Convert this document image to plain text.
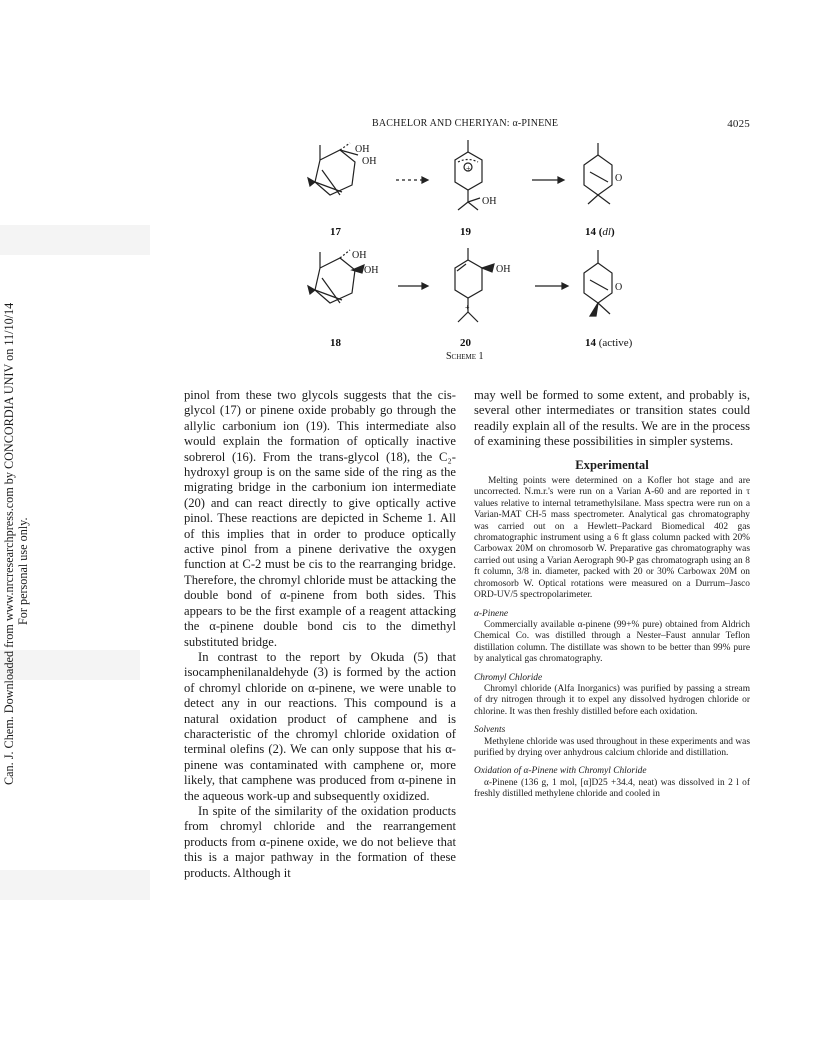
BACHELOR AND CHERIYAN: α-PINENE	4025
Can. J. Chem. Downloaded from www.nrcresearchpress.com by CONCORDIA UNIV on 11/10/14 For personal use only.
OH
OH
+
OH
O
OH
OH	OH
+
O
17	19	14 (dl)
18	20	14 (active)
Scheme 1

pinol from these two glycols suggests that the cis-glycol (17) or pinene oxide probably go through the allylic carbonium ion (19). This intermediate also would explain the formation of optically inactive sobrerol (16). From the trans-glycol (18), the C₂-hydroxyl group is on the same side of the ring as the migrating bridge in the carbonium ion intermediate (20) and can react directly to give optically active pinol. These reactions are depicted in Scheme 1. All of this implies that in order to produce optically active pinol from a pinene derivative the oxygen function at C-2 must be cis to the rearranging bridge. Therefore, the chromyl chloride must be attacking the double bond of α-pinene from both sides. This appears to be the first example of a reagent attacking the α-pinene double bond cis to the dimethyl substituted bridge.

In contrast to the report by Okuda (5) that isocamphenilanaldehyde (3) is formed by the action of chromyl chloride on α-pinene, we were unable to detect any in our reactions. This compound is a natural oxidation product of camphene and is characteristic of the chromyl chloride oxidation of terminal olefins (2). We can only suppose that his α-pinene was contaminated with camphene or, more likely, that camphene was produced from α-pinene in the aqueous work-up and subsequently oxidized.

In spite of the similarity of the oxidation products from chromyl chloride and the rearrangement products from α-pinene oxide, we do not believe that this is a major pathway in the formation of these products. Although it

may well be formed to some extent, and probably is, several other intermediates or transition states could readily explain all of the results. We are in the process of examining these possibilities in simpler systems.

Experimental

Melting points were determined on a Kofler hot stage and are uncorrected. N.m.r.'s were run on a Varian A-60 and are reported in τ values relative to internal tetramethylsilane. Mass spectra were run on a Varian-MAT CH-5 mass spectrometer. Analytical gas chromatography was carried out on a Hewlett–Packard Biomedical 402 gas chromatographic instrument using a 6 ft glass column packed with 20% Carbowax 20M on chromosorb W. Preparative gas chromatography was carried out using a Varian Aerograph 90-P gas chromatograph using an 8 ft column, 3/8 in. diameter, packed with 20 or 30% Carbowax 20M on chromosorb W. Optical rotations were measured on a Durrum–Jasco ORD-UV/5 spectropolarimeter.

α-Pinene

Commercially available α-pinene (99+% pure) obtained from Aldrich Chemical Co. was distilled through a Nester–Faust annular Teflon distillation column. The distillate was shown to be better than 99% pure by analytical gas chromatography.

Chromyl Chloride

Chromyl chloride (Alfa Inorganics) was purified by passing a stream of dry nitrogen through it to expel any dissolved hydrogen chloride or chlorine. It was then freshly distilled before each oxidation.

Solvents

Methylene chloride was used throughout in these experiments and was purified by drying over anhydrous calcium chloride and distillation.

Oxidation of α-Pinene with Chromyl Chloride

α-Pinene (136 g, 1 mol, [α]D25 +34.4, neat) was dissolved in 2 l of freshly distilled methylene chloride and cooled in
